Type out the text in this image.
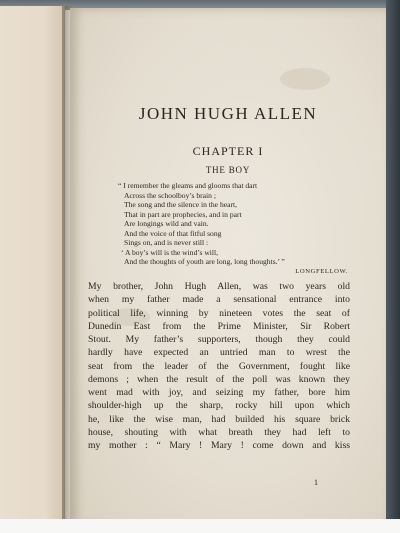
JOHN HUGH ALLEN
CHAPTER I
THE BOY
“ I remember the gleams and glooms that dart
Across the schoolboy’s brain ;
The song and the silence in the heart,
That in part are prophecies, and in part
Are longings wild and vain.
And the voice of that fitful song
Sings on, and is never still :
‘ A boy’s will is the wind’s will,
And the thoughts of youth are long, long thoughts.’ ”
LONGFELLOW.
My brother, John Hugh Allen, was two years old
when my father made a sensational entrance into
political life, winning by nineteen votes the seat of
Dunedin East from the Prime Minister, Sir Robert
Stout. My father’s supporters, though they could
hardly have expected an untried man to wrest the
seat from the leader of the Government, fought like
demons ; when the result of the poll was known they
went mad with joy, and seizing my father, bore him
shoulder-high up the sharp, rocky hill upon which
he, like the wise man, had builded his square brick
house, shouting with what breath they had left to
my mother : “ Mary ! Mary ! come down and kiss
1
